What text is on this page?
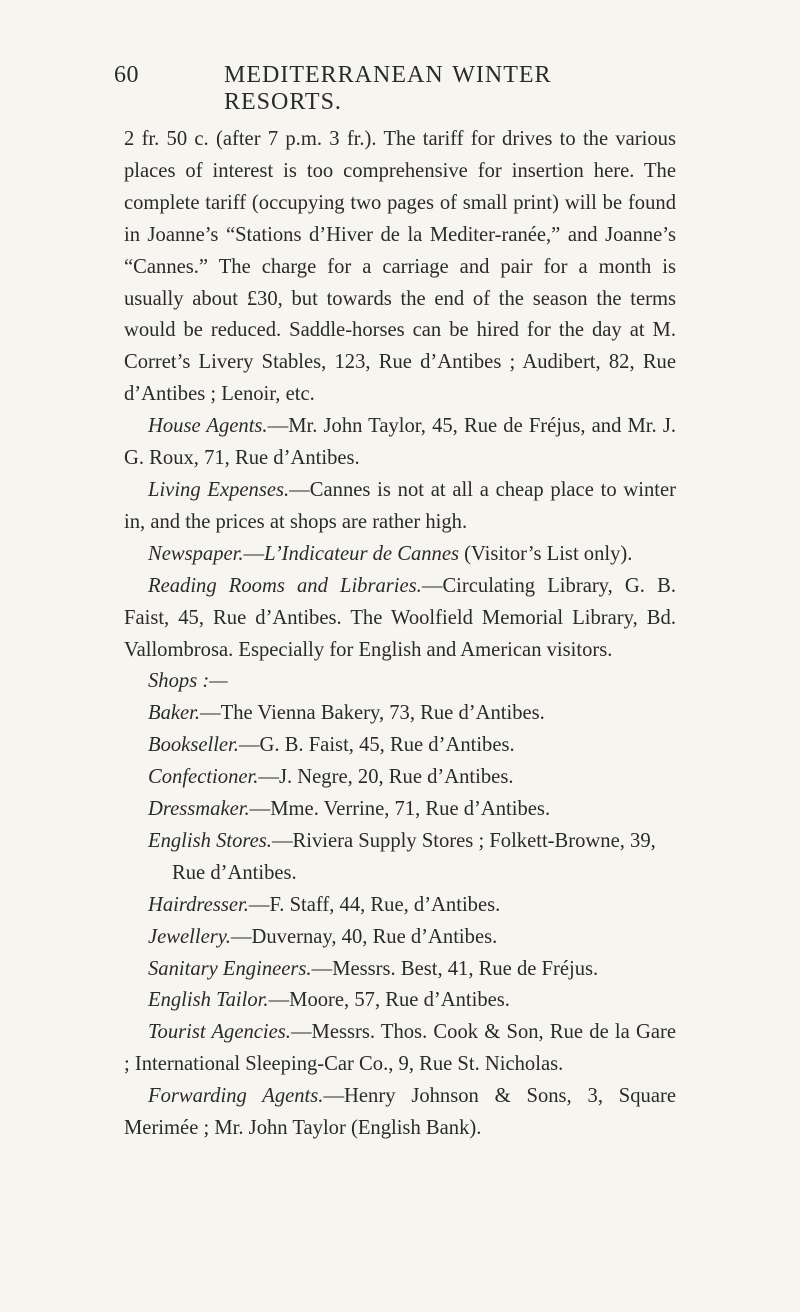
60	MEDITERRANEAN WINTER RESORTS.

2 fr. 50 c. (after 7 p.m. 3 fr.). The tariff for drives to the various places of interest is too comprehensive for insertion here. The complete tariff (occupying two pages of small print) will be found in Joanne’s “Stations d’Hiver de la Mediter-ranée,” and Joanne’s “Cannes.” The charge for a carriage and pair for a month is usually about £30, but towards the end of the season the terms would be reduced. Saddle-horses can be hired for the day at M. Corret’s Livery Stables, 123, Rue d’Antibes ; Audibert, 82, Rue d’Antibes ; Lenoir, etc.

House Agents.—Mr. John Taylor, 45, Rue de Fréjus, and Mr. J. G. Roux, 71, Rue d’Antibes.

Living Expenses.—Cannes is not at all a cheap place to winter in, and the prices at shops are rather high.

Newspaper.—L’Indicateur de Cannes (Visitor’s List only).

Reading Rooms and Libraries.—Circulating Library, G. B. Faist, 45, Rue d’Antibes. The Woolfield Memorial Library, Bd. Vallombrosa. Especially for English and American visitors.

Shops :—

Baker.—The Vienna Bakery, 73, Rue d’Antibes.

Bookseller.—G. B. Faist, 45, Rue d’Antibes.

Confectioner.—J. Negre, 20, Rue d’Antibes.

Dressmaker.—Mme. Verrine, 71, Rue d’Antibes.

English Stores.—Riviera Supply Stores ; Folkett-Browne, 39, Rue d’Antibes.

Hairdresser.—F. Staff, 44, Rue, d’Antibes.

Jewellery.—Duvernay, 40, Rue d’Antibes.

Sanitary Engineers.—Messrs. Best, 41, Rue de Fréjus.

English Tailor.—Moore, 57, Rue d’Antibes.

Tourist Agencies.—Messrs. Thos. Cook & Son, Rue de la Gare ; International Sleeping-Car Co., 9, Rue St. Nicholas.

Forwarding Agents.—Henry Johnson & Sons, 3, Square Merimée ; Mr. John Taylor (English Bank).
